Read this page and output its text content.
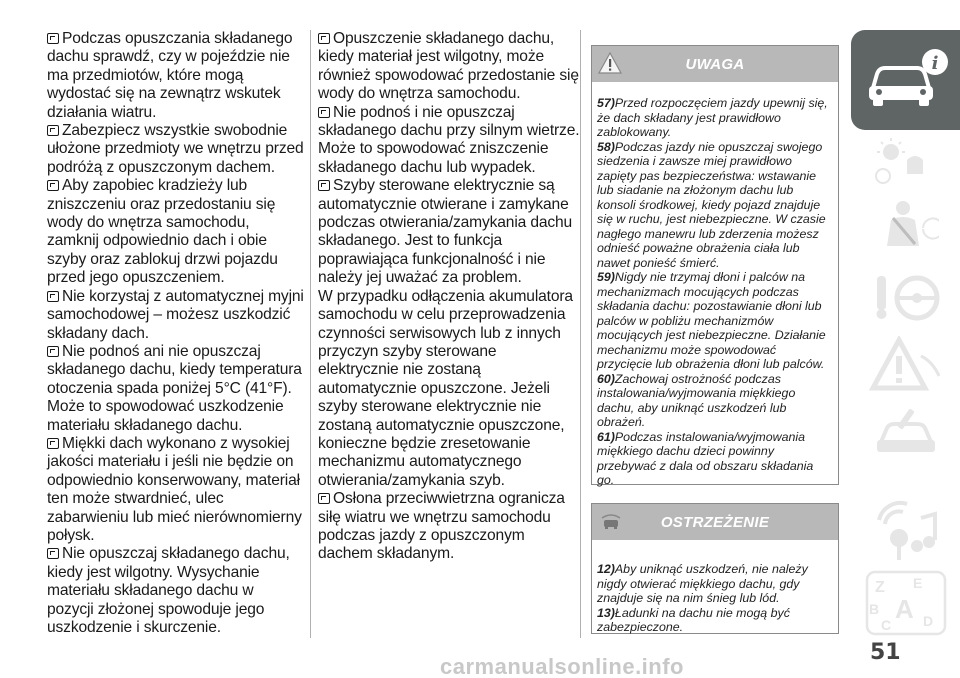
Podczas opuszczania składanego dachu sprawdź, czy w pojeździe nie ma przedmiotów, które mogą wydostać się na zewnątrz wskutek działania wiatru.

Zabezpiecz wszystkie swobodnie ułożone przedmioty we wnętrzu przed podróżą z opuszczonym dachem.

Aby zapobiec kradzieży lub zniszczeniu oraz przedostaniu się wody do wnętrza samochodu, zamknij odpowiednio dach i obie szyby oraz zablokuj drzwi pojazdu przed jego opuszczeniem.

Nie korzystaj z automatycznej myjni samochodowej – możesz uszkodzić składany dach.

Nie podnoś ani nie opuszczaj składanego dachu, kiedy temperatura otoczenia spada poniżej 5°C (41°F). Może to spowodować uszkodzenie materiału składanego dachu.

Miękki dach wykonano z wysokiej jakości materiału i jeśli nie będzie on odpowiednio konserwowany, materiał ten może stwardnieć, ulec zabarwieniu lub mieć nierównomierny połysk.

Nie opuszczaj składanego dachu, kiedy jest wilgotny. Wysychanie materiału składanego dachu w pozycji złożonej spowoduje jego uszkodzenie i skurczenie.

Opuszczenie składanego dachu, kiedy materiał jest wilgotny, może również spowodować przedostanie się wody do wnętrza samochodu.

Nie podnoś i nie opuszczaj składanego dachu przy silnym wietrze. Może to spowodować zniszczenie składanego dachu lub wypadek.

Szyby sterowane elektrycznie są automatycznie otwierane i zamykane podczas otwierania/zamykania dachu składanego. Jest to funkcja poprawiająca funkcjonalność i nie należy jej uważać za problem.

W przypadku odłączenia akumulatora samochodu w celu przeprowadzenia czynności serwisowych lub z innych przyczyn szyby sterowane elektrycznie nie zostaną automatycznie opuszczone. Jeżeli szyby sterowane elektrycznie nie zostaną automatycznie opuszczone, konieczne będzie zresetowanie mechanizmu automatycznego otwierania/zamykania szyb.

Osłona przeciwwietrzna ogranicza siłę wiatru we wnętrzu samochodu podczas jazdy z opuszczonym dachem składanym.

UWAGA

57)Przed rozpoczęciem jazdy upewnij się, że dach składany jest prawidłowo zablokowany.

58)Podczas jazdy nie opuszczaj swojego siedzenia i zawsze miej prawidłowo zapięty pas bezpieczeństwa: wstawanie lub siadanie na złożonym dachu lub konsoli środkowej, kiedy pojazd znajduje się w ruchu, jest niebezpieczne. W czasie nagłego manewru lub zderzenia możesz odnieść poważne obrażenia ciała lub nawet ponieść śmierć.

59)Nigdy nie trzymaj dłoni i palców na mechanizmach mocujących podczas składania dachu: pozostawianie dłoni lub palców w pobliżu mechanizmów mocujących jest niebezpieczne. Działanie mechanizmu może spowodować przycięcie lub obrażenia dłoni lub palców.

60)Zachowaj ostrożność podczas instalowania/wyjmowania miękkiego dachu, aby uniknąć uszkodzeń lub obrażeń.

61)Podczas instalowania/wyjmowania miękkiego dachu dzieci powinny przebywać z dala od obszaru składania go.

OSTRZEŻENIE

12)Aby uniknąć uszkodzeń, nie należy nigdy otwierać miękkiego dachu, gdy znajduje się na nim śnieg lub lód.

13)Ładunki na dachu nie mogą być zabezpieczone.

i
Z E
B A
C D
51
carmanualsonline.info
